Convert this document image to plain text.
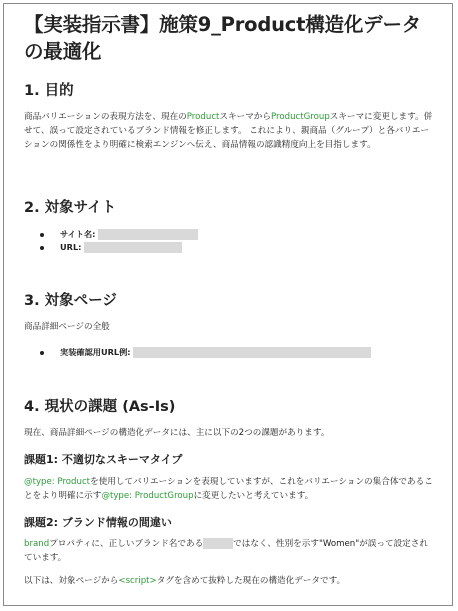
【実装指示書】施策9_Product構造化データの最適化
1. 目的

商品バリエーションの表現方法を、現在のProductスキーマからProductGroupスキーマに変更します。併せて、誤って設定されているブランド情報を修正します。 これにより、親商品（グループ）と各バリエーションの関係性をより明確に検索エンジンへ伝え、商品情報の認識精度向上を目指します。

2. 対象サイト
サイト名:
URL:
3. 対象ページ

商品詳細ページの全般

実装確認用URL例:
4. 現状の課題 (As-Is)

現在、商品詳細ページの構造化データには、主に以下の2つの課題があります。

課題1: 不適切なスキーマタイプ

@type: Productを使用してバリエーションを表現していますが、これをバリエーションの集合体であることをより明確に示す@type: ProductGroupに変更したいと考えています。

課題2: ブランド情報の間違い

brandプロパティに、正しいブランド名である	ではなく、性別を示す"Women"が誤って設定されています。

以下は、対象ページから<script>タグを含めて抜粋した現在の構造化データです。
